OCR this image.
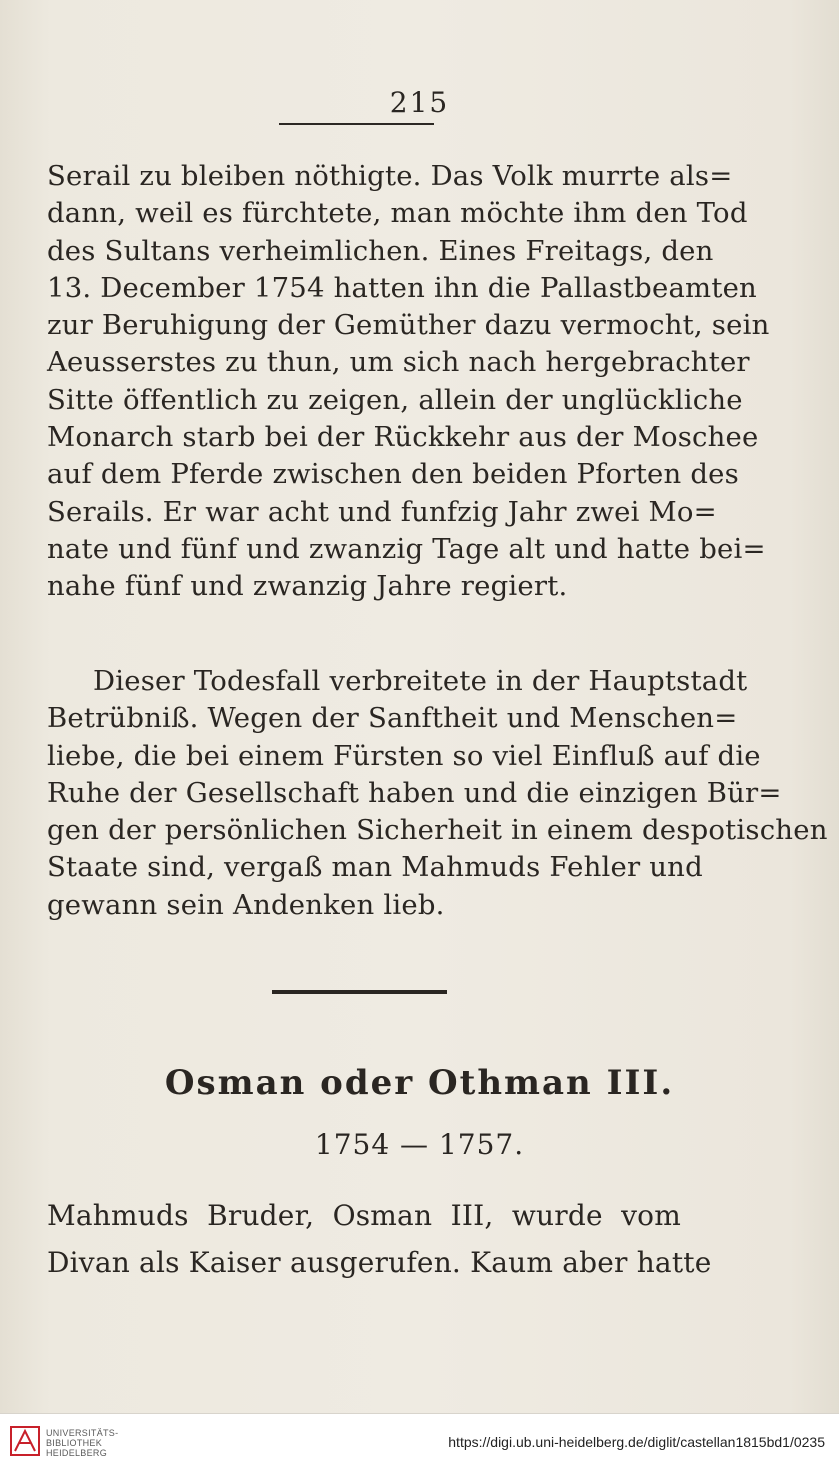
215
Serail zu bleiben nöthigte. Das Volk murrte als=
dann, weil es fürchtete, man möchte ihm den Tod
des Sultans verheimlichen. Eines Freitags, den
13. December 1754 hatten ihn die Pallastbeamten
zur Beruhigung der Gemüther dazu vermocht, sein
Aeusserstes zu thun, um sich nach hergebrachter
Sitte öffentlich zu zeigen, allein der unglückliche
Monarch starb bei der Rückkehr aus der Moschee
auf dem Pferde zwischen den beiden Pforten des
Serails. Er war acht und funfzig Jahr zwei Mo=
nate und fünf und zwanzig Tage alt und hatte bei=
nahe fünf und zwanzig Jahre regiert.
Dieser Todesfall verbreitete in der Hauptstadt
Betrübniß. Wegen der Sanftheit und Menschen=
liebe, die bei einem Fürsten so viel Einfluß auf die
Ruhe der Gesellschaft haben und die einzigen Bür=
gen der persönlichen Sicherheit in einem despotischen
Staate sind, vergaß man Mahmuds Fehler und
gewann sein Andenken lieb.
Osman oder Othman III.
1754 — 1757.
Mahmuds Bruder, Osman III, wurde vom
Divan als Kaiser ausgerufen. Kaum aber hatte
UNIVERSITÄTS-
BIBLIOTHEK
HEIDELBERG
https://digi.ub.uni-heidelberg.de/diglit/castellan1815bd1/0235
